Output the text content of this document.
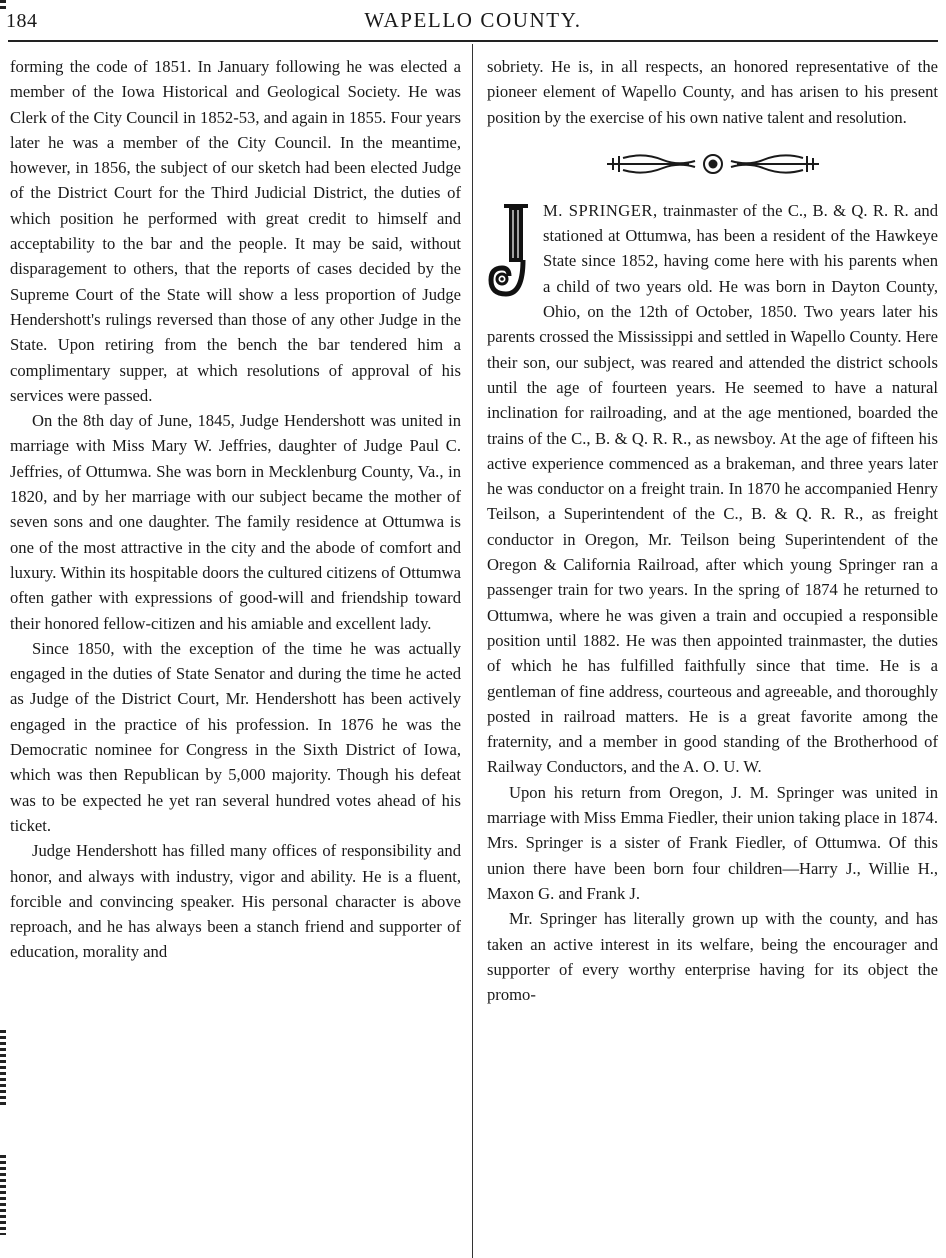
184	WAPELLO COUNTY.

forming the code of 1851. In January following he was elected a member of the Iowa Historical and Geological Society. He was Clerk of the City Council in 1852-53, and again in 1855. Four years later he was a member of the City Council. In the meantime, however, in 1856, the subject of our sketch had been elected Judge of the District Court for the Third Judicial District, the duties of which position he performed with great credit to himself and acceptability to the bar and the people. It may be said, without disparagement to others, that the reports of cases decided by the Supreme Court of the State will show a less proportion of Judge Hendershott's rulings reversed than those of any other Judge in the State. Upon retiring from the bench the bar tendered him a complimentary supper, at which resolutions of approval of his services were passed.

On the 8th day of June, 1845, Judge Hendershott was united in marriage with Miss Mary W. Jeffries, daughter of Judge Paul C. Jeffries, of Ottumwa. She was born in Mecklenburg County, Va., in 1820, and by her marriage with our subject became the mother of seven sons and one daughter. The family residence at Ottumwa is one of the most attractive in the city and the abode of comfort and luxury. Within its hospitable doors the cultured citizens of Ottumwa often gather with expressions of good-will and friendship toward their honored fellow-citizen and his amiable and excellent lady.

Since 1850, with the exception of the time he was actually engaged in the duties of State Senator and during the time he acted as Judge of the District Court, Mr. Hendershott has been actively engaged in the practice of his profession. In 1876 he was the Democratic nominee for Congress in the Sixth District of Iowa, which was then Republican by 5,000 majority. Though his defeat was to be expected he yet ran several hundred votes ahead of his ticket.

Judge Hendershott has filled many offices of responsibility and honor, and always with industry, vigor and ability. He is a fluent, forcible and convincing speaker. His personal character is above reproach, and he has always been a stanch friend and supporter of education, morality and

sobriety. He is, in all respects, an honored representative of the pioneer element of Wapello County, and has arisen to his present position by the exercise of his own native talent and resolution.

M. SPRINGER, trainmaster of the C., B. & Q. R. R. and stationed at Ottumwa, has been a resident of the Hawkeye State since 1852, having come here with his parents when a child of two years old. He was born in Dayton County, Ohio, on the 12th of October, 1850. Two years later his parents crossed the Mississippi and settled in Wapello County. Here their son, our subject, was reared and attended the district schools until the age of fourteen years. He seemed to have a natural inclination for railroading, and at the age mentioned, boarded the trains of the C., B. & Q. R. R., as newsboy. At the age of fifteen his active experience commenced as a brakeman, and three years later he was conductor on a freight train. In 1870 he accompanied Henry Teilson, a Superintendent of the C., B. & Q. R. R., as freight conductor in Oregon, Mr. Teilson being Superintendent of the Oregon & California Railroad, after which young Springer ran a passenger train for two years. In the spring of 1874 he returned to Ottumwa, where he was given a train and occupied a responsible position until 1882. He was then appointed trainmaster, the duties of which he has fulfilled faithfully since that time. He is a gentleman of fine address, courteous and agreeable, and thoroughly posted in railroad matters. He is a great favorite among the fraternity, and a member in good standing of the Brotherhood of Railway Conductors, and the A. O. U. W.

Upon his return from Oregon, J. M. Springer was united in marriage with Miss Emma Fiedler, their union taking place in 1874. Mrs. Springer is a sister of Frank Fiedler, of Ottumwa. Of this union there have been born four children—Harry J., Willie H., Maxon G. and Frank J.

Mr. Springer has literally grown up with the county, and has taken an active interest in its welfare, being the encourager and supporter of every worthy enterprise having for its object the promo-
